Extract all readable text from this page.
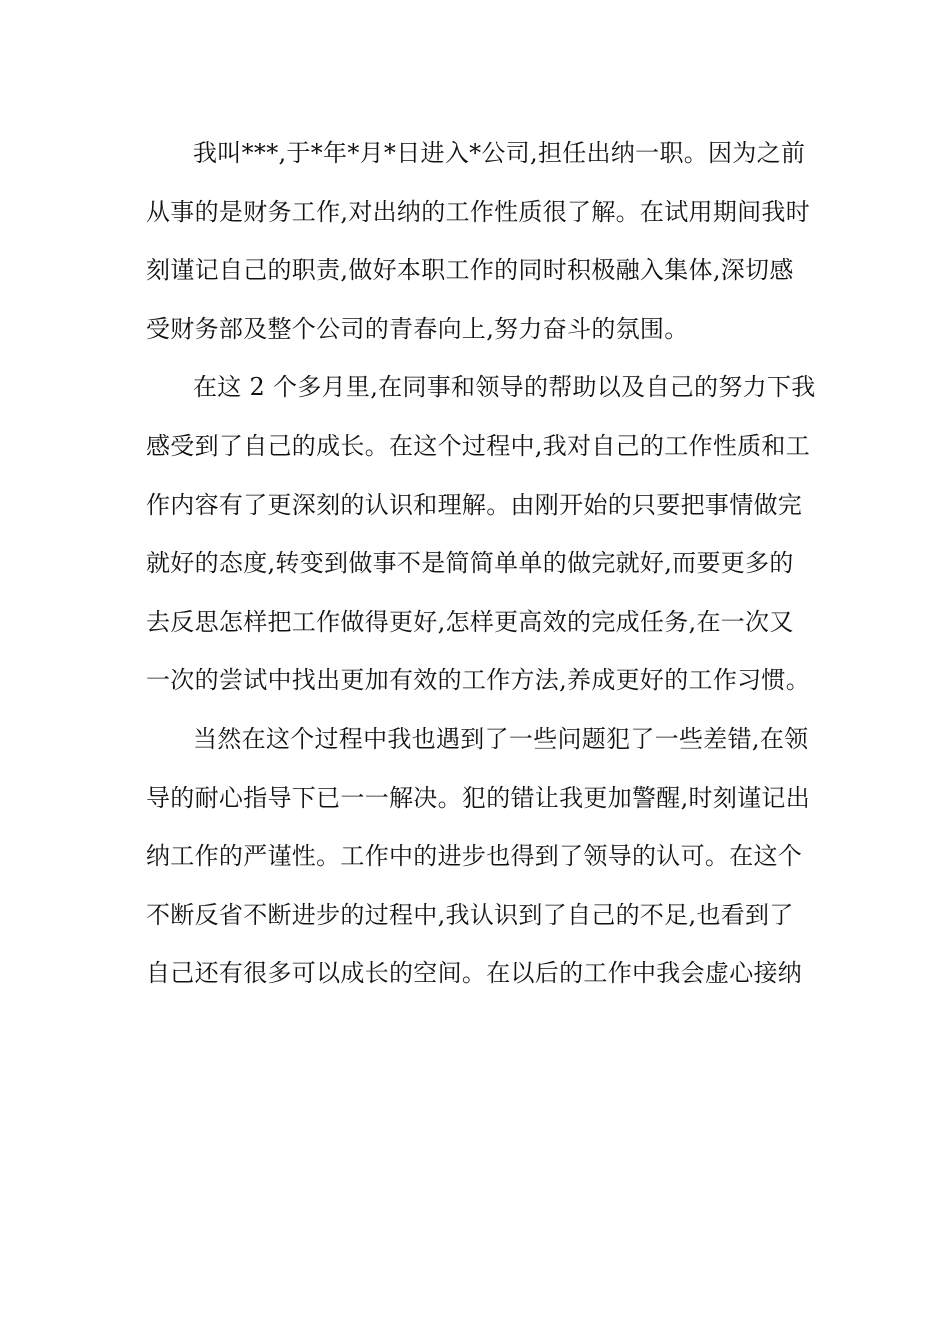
我叫***,于*年*月*日进入*公司,担任出纳一职。因为之前
从事的是财务工作,对出纳的工作性质很了解。在试用期间我时
刻谨记自己的职责,做好本职工作的同时积极融入集体,深切感
受财务部及整个公司的青春向上,努力奋斗的氛围。
在这 2 个多月里,在同事和领导的帮助以及自己的努力下我
感受到了自己的成长。在这个过程中,我对自己的工作性质和工
作内容有了更深刻的认识和理解。由刚开始的只要把事情做完
就好的态度,转变到做事不是简简单单的做完就好,而要更多的
去反思怎样把工作做得更好,怎样更高效的完成任务,在一次又
一次的尝试中找出更加有效的工作方法,养成更好的工作习惯。
当然在这个过程中我也遇到了一些问题犯了一些差错,在领
导的耐心指导下已一一解决。犯的错让我更加警醒,时刻谨记出
纳工作的严谨性。工作中的进步也得到了领导的认可。在这个
不断反省不断进步的过程中,我认识到了自己的不足,也看到了
自己还有很多可以成长的空间。在以后的工作中我会虚心接纳
